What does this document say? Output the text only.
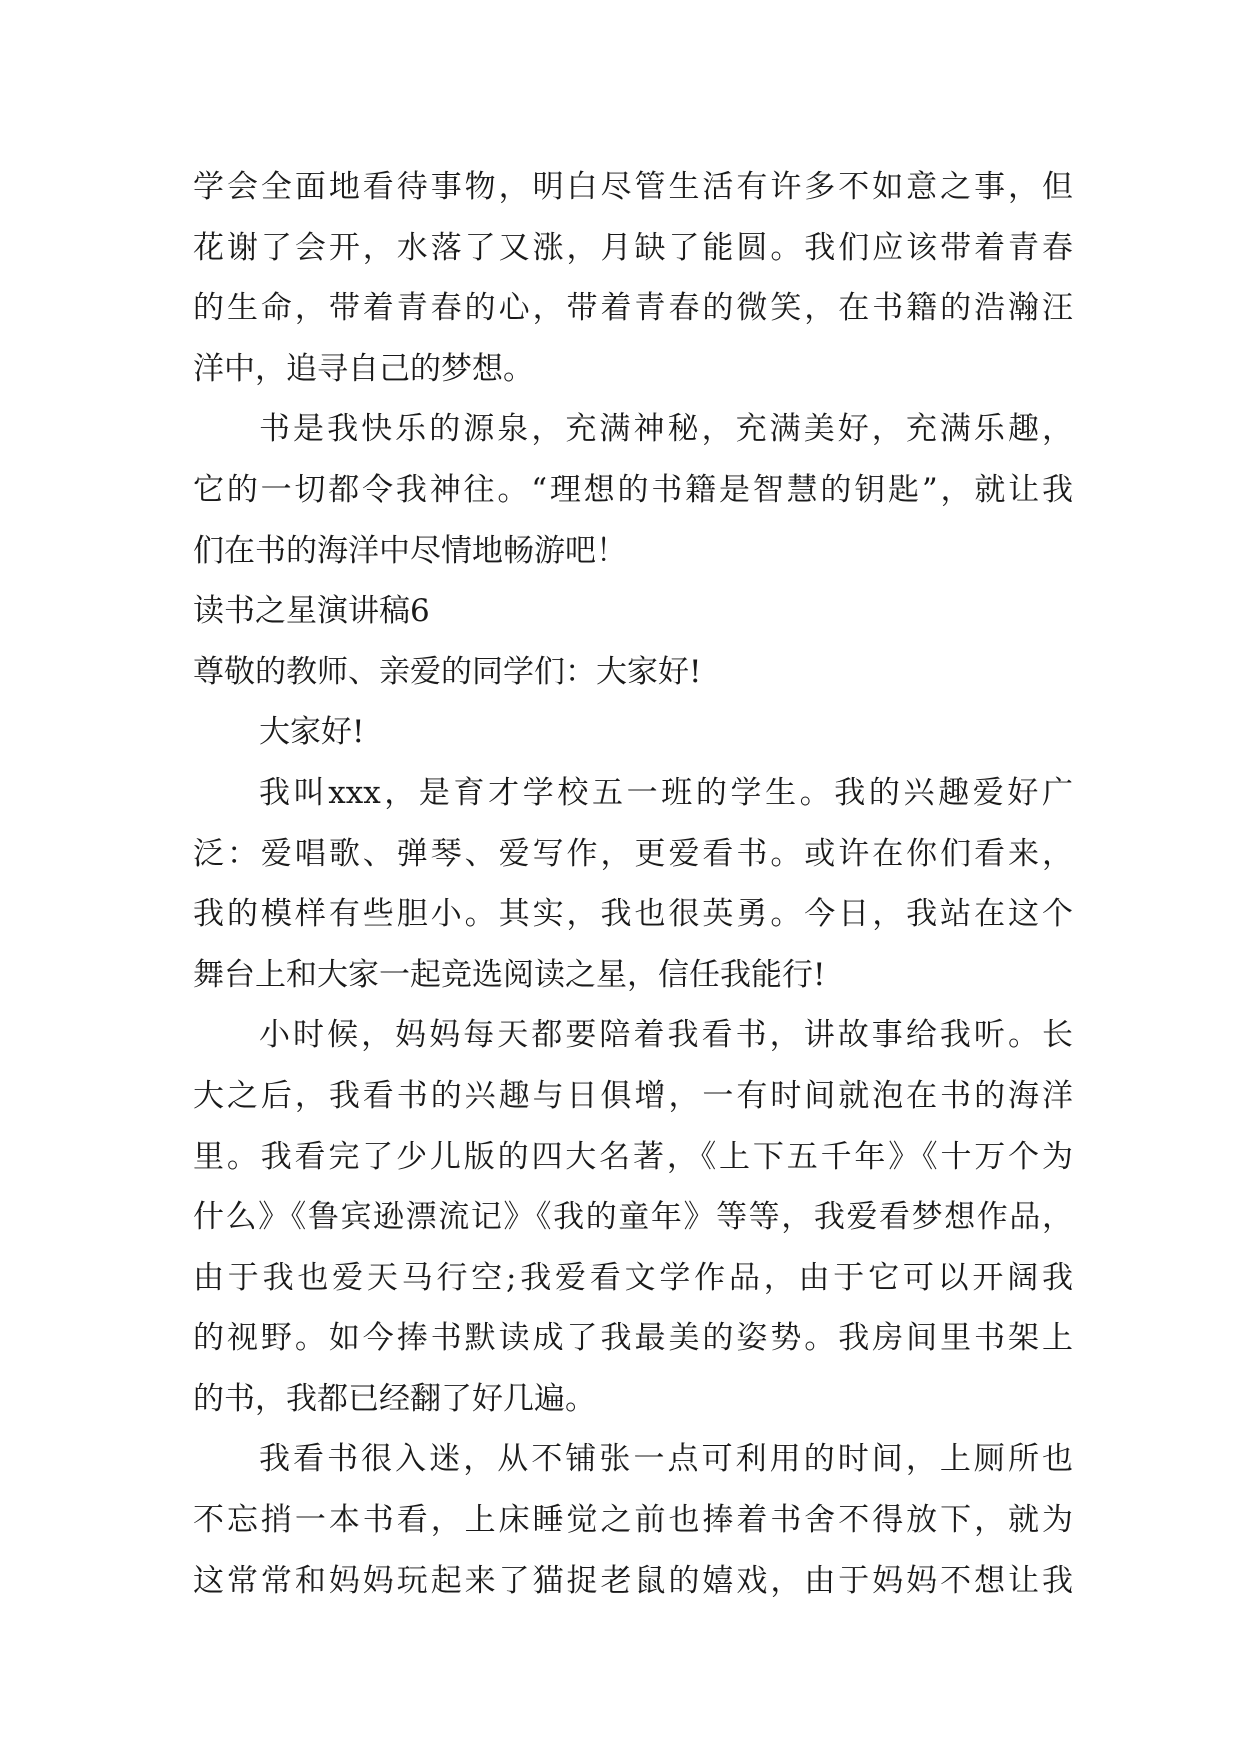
学会全面地看待事物，明白尽管生活有许多不如意之事，但
花谢了会开，水落了又涨，月缺了能圆。我们应该带着青春
的生命，带着青春的心，带着青春的微笑，在书籍的浩瀚汪
洋中，追寻自己的梦想。
书是我快乐的源泉，充满神秘，充满美好，充满乐趣，
它的一切都令我神往。“理想的书籍是智慧的钥匙”，就让我
们在书的海洋中尽情地畅游吧！
读书之星演讲稿6
尊敬的教师、亲爱的同学们：大家好!
大家好!
我叫xxx，是育才学校五一班的学生。我的兴趣爱好广
泛：爱唱歌、弹琴、爱写作，更爱看书。或许在你们看来，
我的模样有些胆小。其实，我也很英勇。今日，我站在这个
舞台上和大家一起竞选阅读之星，信任我能行!
小时候，妈妈每天都要陪着我看书，讲故事给我听。长
大之后，我看书的兴趣与日俱增，一有时间就泡在书的海洋
里。我看完了少儿版的四大名著，《上下五千年》《十万个为
什么》《鲁宾逊漂流记》《我的童年》等等，我爱看梦想作品，
由于我也爱天马行空;我爱看文学作品，由于它可以开阔我
的视野。如今捧书默读成了我最美的姿势。我房间里书架上
的书，我都已经翻了好几遍。
我看书很入迷，从不铺张一点可利用的时间，上厕所也
不忘捎一本书看，上床睡觉之前也捧着书舍不得放下，就为
这常常和妈妈玩起来了猫捉老鼠的嬉戏，由于妈妈不想让我
